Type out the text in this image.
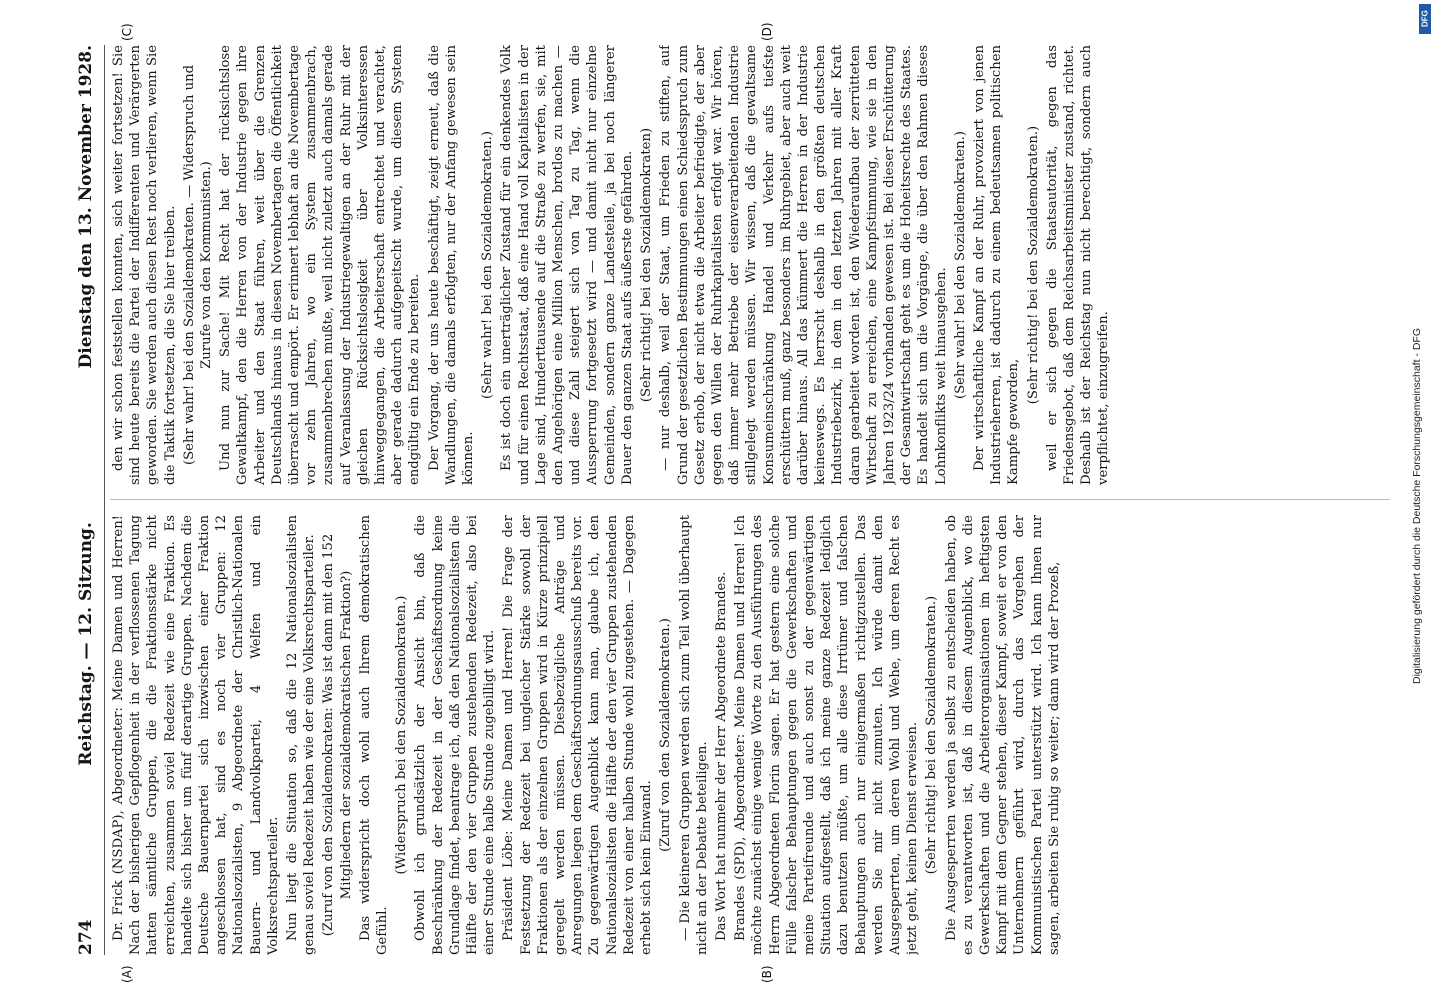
274
Reichstag. — 12. Sitzung.
Dienstag den 13. November 1928.

Dr. Frick (NSDAP), Abgeordneter: Meine Damen und Herren! Nach der bisherigen Gepflogenheit in der verflossenen Tagung hatten sämtliche Gruppen, die die Fraktionsstärke nicht erreichten, zusammen soviel Redezeit wie eine Fraktion. Es handelte sich bisher um fünf derartige Gruppen. Nachdem die Deutsche Bauernpartei sich inzwischen einer Fraktion angeschlossen hat, sind es noch vier Gruppen: 12 Nationalsozialisten, 9 Abgeordnete der Christlich-Nationalen Bauern- und Landvolkpartei, 4 Welfen und ein Volksrechtsparteiler. Nun liegt die Situation so, daß die 12 Nationalsozialisten genau soviel Redezeit haben wie der eine Volksrechtsparteiler. (Zuruf von den Sozialdemokraten: Was ist dann mit den 152 Mitgliedern der sozialdemokratischen Fraktion?) Das widerspricht doch wohl auch Ihrem demokratischen Gefühl.

(Widerspruch bei den Sozialdemokraten.) Obwohl ich grundsätzlich der Ansicht bin, daß die Beschränkung der Redezeit in der Geschäftsordnung keine Grundlage findet, beantrage ich, daß den Nationalsozialisten die Hälfte der den vier Gruppen zustehenden Redezeit, also bei einer Stunde eine halbe Stunde zugebilligt wird. Präsident Löbe: Meine Damen und Herren! Die Frage der Festsetzung der Redezeit bei ungleicher Stärke sowohl der Fraktionen als der einzelnen Gruppen wird in Kürze prinzipiell geregelt werden müssen. Diesbezügliche Anträge und Anregungen liegen dem Geschäftsordnungsausschuß bereits vor. Zu gegenwärtigen Augenblick kann man, glaube ich, den Nationalsozialisten die Hälfte der den vier Gruppen zustehenden Redezeit von einer halben Stunde wohl zugestehen. — Dagegen erhebt sich kein Einwand.

(Zuruf von den Sozialdemokraten.) — Die kleineren Gruppen werden sich zum Teil wohl überhaupt nicht an der Debatte beteiligen. Das Wort hat nunmehr der Herr Abgeordnete Brandes. Brandes (SPD), Abgeordneter: Meine Damen und Herren! Ich möchte zunächst einige wenige Worte zu den Ausführungen des Herrn Abgeordneten Florin sagen. Er hat gestern eine solche Fülle falscher Behauptungen gegen die Gewerkschaften und meine Parteifreunde und auch sonst zu der gegenwärtigen Situation aufgestellt, daß ich meine ganze Redezeit lediglich dazu benutzen müßte, um alle diese Irrtümer und falschen Behauptungen auch nur einigermaßen richtigzustellen. Das werden Sie mir nicht zumuten. Ich würde damit den Ausgesperrten, um deren Wohl und Wehe, um deren Recht es jetzt geht, keinen Dienst erweisen. (Sehr richtig! bei den Sozialdemokraten.) Die Ausgesperrten werden ja selbst zu entscheiden haben, ob es zu verantworten ist, daß in diesem Augenblick, wo die Gewerkschaften und die Arbeiterorganisationen im heftigsten Kampf mit dem Gegner stehen, dieser Kampf, soweit er von den Unternehmern geführt wird, durch das Vorgehen der Kommunistischen Partei unterstützt wird. Ich kann Ihnen nur sagen, arbeiten Sie ruhig so weiter; dann wird der Prozeß,

den wir schon feststellen konnten, sich weiter fortsetzen! Sie sind heute bereits die Partei der Indifferenten und Verärgerten geworden. Sie werden auch diesen Rest noch verlieren, wenn Sie die Taktik fortsetzen, die Sie hier treiben. (Sehr wahr! bei den Sozialdemokraten. — Widerspruch und Zurufe von den Kommunisten.) Und nun zur Sache! Mit Recht hat der rücksichtslose Gewaltkampf, den die Herren von der Industrie gegen ihre Arbeiter und den Staat führen, weit über die Grenzen Deutschlands hinaus in diesen Novembertagen die Öffentlichkeit überrascht und empört. Er erinnert lebhaft an die Novembertage vor zehn Jahren, wo ein System zusammenbrach, zusammenbrechen mußte, weil nicht zuletzt auch damals gerade auf Veranlassung der Industriegewaltigen an der Ruhr mit der gleichen Rücksichtslosigkeit über Volksinteressen hinweggegangen, die Arbeiterschaft entrechtet und verachtet, aber gerade dadurch aufgepeitscht wurde, um diesem System endgültig ein Ende zu bereiten. Der Vorgang, der uns heute beschäftigt, zeigt erneut, daß die Wandlungen, die damals erfolgten, nur der Anfang gewesen sein können.

(Sehr wahr! bei den Sozialdemokraten.) Es ist doch ein unerträglicher Zustand für ein denkendes Volk und für einen Rechtsstaat, daß eine Hand voll Kapitalisten in der Lage sind, Hunderttausende auf die Straße zu werfen, sie, mit den Angehörigen eine Million Menschen, brotlos zu machen — und diese Zahl steigert sich von Tag zu Tag, wenn die Aussperrung fortgesetzt wird — und damit nicht nur einzelne Gemeinden, sondern ganze Landesteile, ja bei noch längerer Dauer den ganzen Staat aufs äußerste gefährden. (Sehr richtig! bei den Sozialdemokraten) — nur deshalb, weil der Staat, um Frieden zu stiften, auf Grund der gesetzlichen Bestimmungen einen Schiedsspruch zum Gesetz erhob, der nicht etwa die Arbeiter befriedigte, der aber gegen den Willen der Ruhrkapitalisten erfolgt war. Wir hören, daß immer mehr Betriebe der eisenverarbeitenden Industrie stillgelegt werden müssen. Wir wissen, daß die gewaltsame Konsumeinschränkung Handel und Verkehr aufs tiefste erschüttern muß, ganz besonders im Ruhrgebiet, aber auch weit darüber hinaus. All das kümmert die Herren in der Industrie keineswegs. Es herrscht deshalb in den größten deutschen Industriebezirk, in dem in den letzten Jahren mit aller Kraft daran gearbeitet worden ist, den Wiederaufbau der zerrütteten Wirtschaft zu erreichen, eine Kampfstimmung, wie sie in den Jahren 1923/24 vorhanden gewesen ist. Bei dieser Erschütterung der Gesamtwirtschaft geht es um die Hoheitsrechte des Staates. Es handelt sich um die Vorgänge, die über den Rahmen dieses Lohnkonflikts weit hinausgehen. (Sehr wahr! bei den Sozialdemokraten.) Der wirtschaftliche Kampf an der Ruhr, provoziert von jenen Industrieherren, ist dadurch zu einem bedeutsamen politischen Kampfe geworden,

(Sehr richtig! bei den Sozialdemokraten.) weil er sich gegen die Staatsautorität, gegen das Friedensgebot, daß dem Reichsarbeitsminister zustand, richtet. Deshalb ist der Reichstag nun nicht berechtigt, sondern auch verpflichtet, einzugreifen.

(A)	(B)
(C)	(D)
Digitalisierung gefördert durch die Deutsche Forschungsgemeinschaft - DFG
DFG
